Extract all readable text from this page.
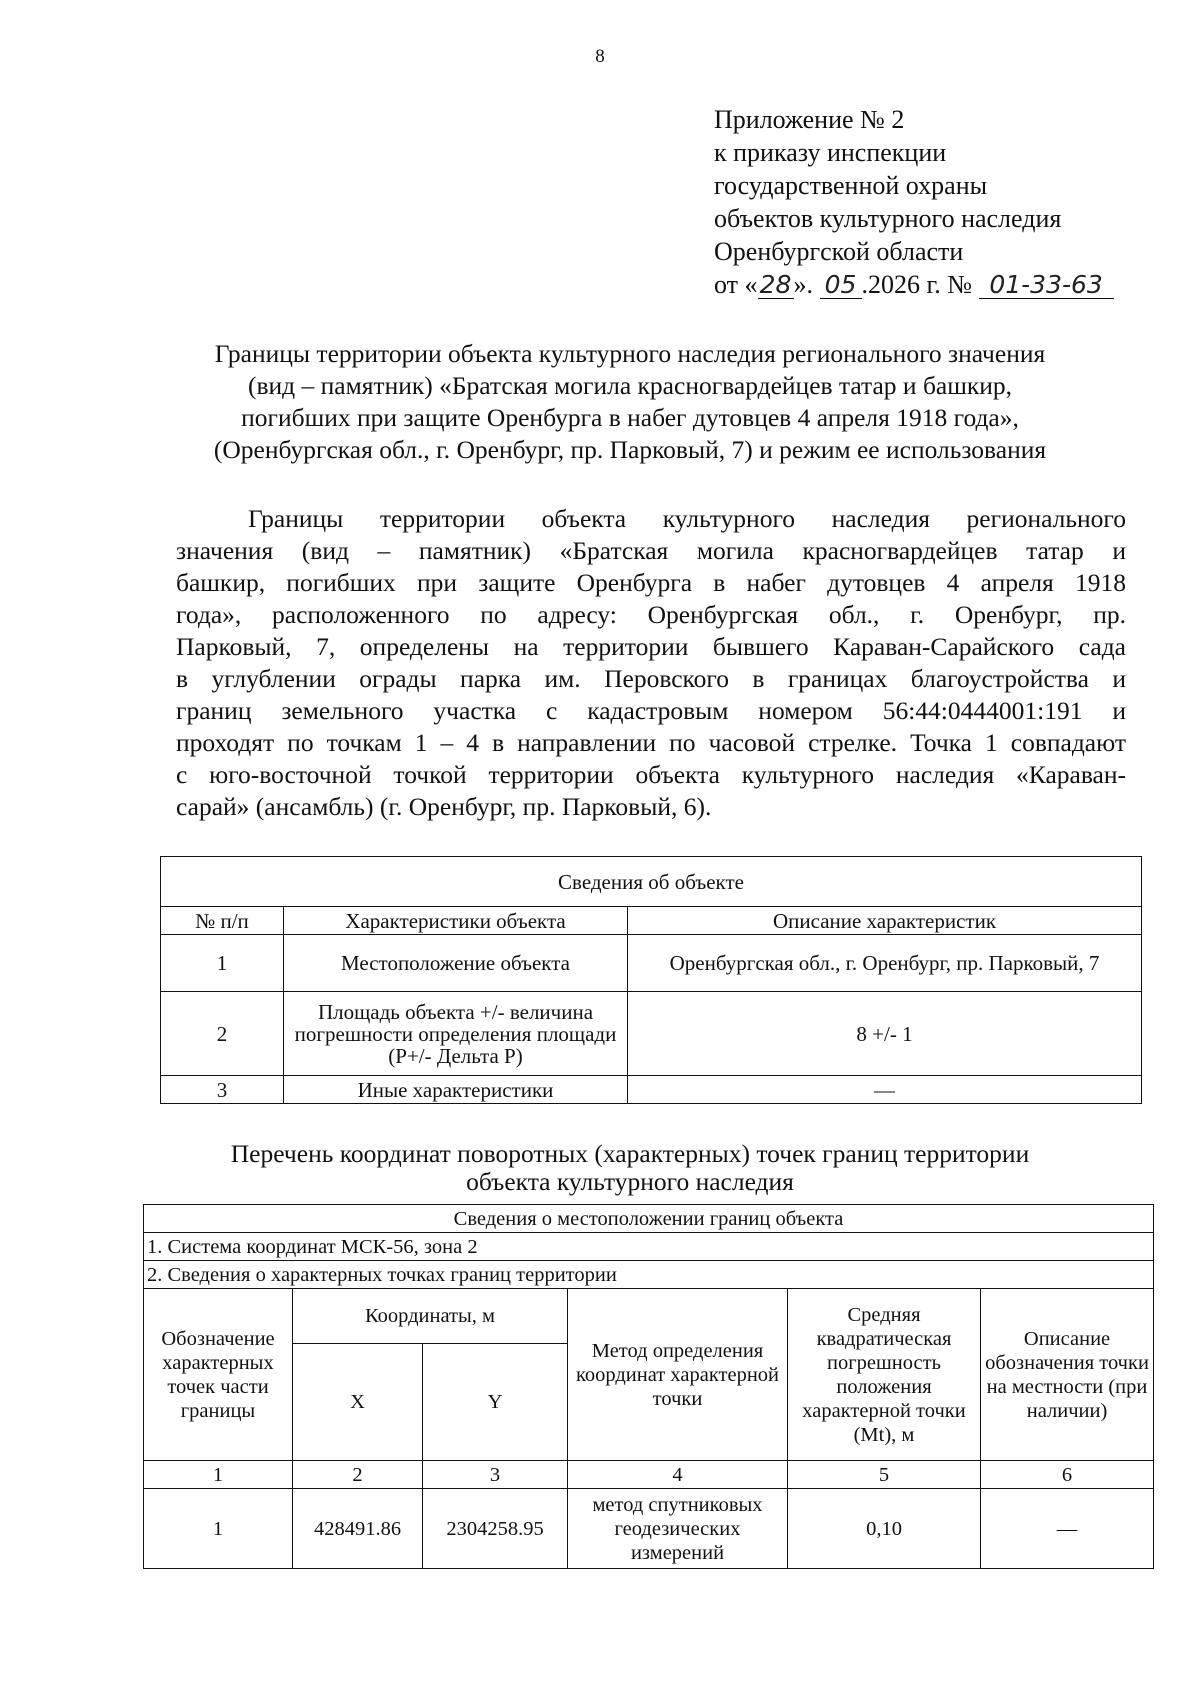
8
Приложение № 2
к приказу инспекции
государственной охраны
объектов культурного наследия
Оренбургской области
от «28». 05 .2026 г. № 01-33-63
Границы территории объекта культурного наследия регионального значения
(вид – памятник) «Братская могила красногвардейцев татар и башкир,
погибших при защите Оренбурга в набег дутовцев 4 апреля 1918 года»,
(Оренбургская обл., г. Оренбург, пр. Парковый, 7) и режим ее использования
Границы территории объекта культурного наследия регионального
значения (вид – памятник) «Братская могила красногвардейцев татар и
башкир, погибших при защите Оренбурга в набег дутовцев 4 апреля 1918
года», расположенного по адресу: Оренбургская обл., г. Оренбург, пр.
Парковый, 7, определены на территории бывшего Караван-Сарайского сада
в углублении ограды парка им. Перовского в границах благоустройства и
границ земельного участка с кадастровым номером 56:44:0444001:191 и
проходят по точкам 1 – 4 в направлении по часовой стрелке. Точка 1 совпадают
с юго-восточной точкой территории объекта культурного наследия «Караван-
сарай» (ансамбль) (г. Оренбург, пр. Парковый, 6).
Сведения об объекте		
№ п/п	Характеристики объекта	Описание характеристик
1	Местоположение объекта	Оренбургская обл., г. Оренбург, пр. Парковый, 7
2	Площадь объекта +/- величина погрешности определения площади (Р+/- Дельта Р)	8 +/- 1
3	Иные характеристики	—
Перечень координат поворотных (характерных) точек границ территории
объекта культурного наследия
Сведения о местоположении границ объекта					
1. Система координат МСК-56, зона 2					
2. Сведения о характерных точках границ территории					
Обозначение характерных точек части границы	Координаты, м		Метод определения координат характерной точки	Средняя квадратическая погрешность положения характерной точки (Mt), м	Описание обозначения точки на местности (при наличии)
	X	Y			
1	2	3	4	5	6
1	428491.86	2304258.95	метод спутниковых геодезических измерений	0,10	—
